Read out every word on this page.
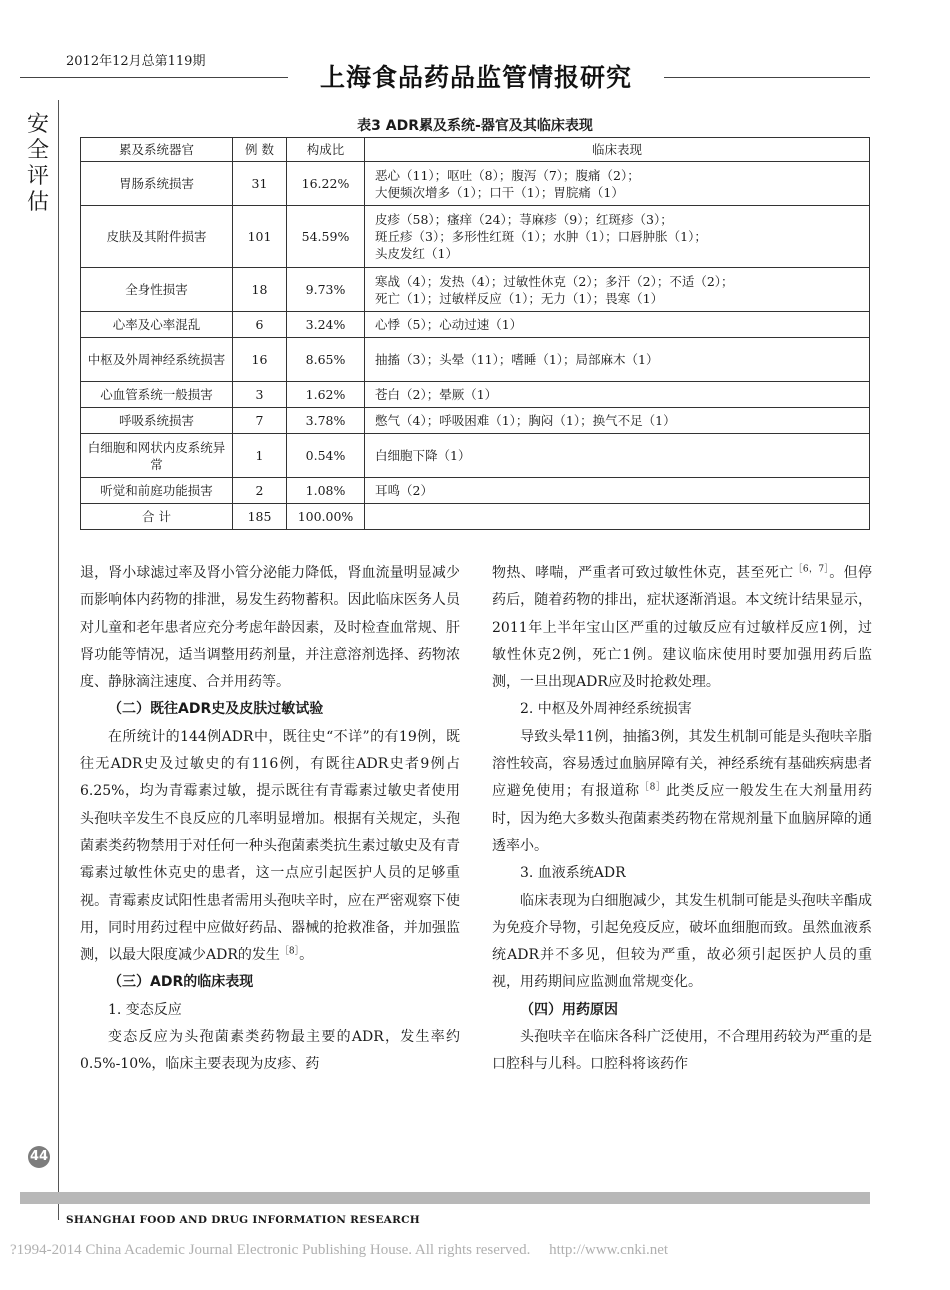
2012年12月总第119期
上海食品药品监管情报研究
安
全
评
估
表3 ADR累及系统-器官及其临床表现
累及系统器官	例 数	构成比	临床表现
胃肠系统损害	31	16.22%	恶心（11）；呕吐（8）；腹泻（7）；腹痛（2）；
大便频次增多（1）；口干（1）；胃脘痛（1）

皮肤及其附件损害	101	54.59%	皮疹（58）；瘙痒（24）；荨麻疹（9）；红斑疹（3）；
斑丘疹（3）；多形性红斑（1）；水肿（1）；口唇肿胀（1）；
头皮发红（1）

全身性损害	18	9.73%	寒战（4）；发热（4）；过敏性休克（2）；多汗（2）；不适（2）；
死亡（1）；过敏样反应（1）；无力（1）；畏寒（1）

心率及心率混乱	6	3.24%	心悸（5）；心动过速（1）

中枢及外周神经系统损害	16	8.65%	抽搐（3）；头晕（11）；嗜睡（1）；局部麻木（1）

心血管系统一般损害	3	1.62%	苍白（2）；晕厥（1）

呼吸系统损害	7	3.78%	憋气（4）；呼吸困难（1）；胸闷（1）；换气不足（1）

白细胞和网状内皮系统异常	1	0.54%	白细胞下降（1）

听觉和前庭功能损害	2	1.08%	耳鸣（2）

合 计	185	100.00%	

退，肾小球滤过率及肾小管分泌能力降低，肾血流量明显减少而影响体内药物的排泄，易发生药物蓄积。因此临床医务人员对儿童和老年患者应充分考虑年龄因素，及时检查血常规、肝肾功能等情况，适当调整用药剂量，并注意溶剂选择、药物浓度、静脉滴注速度、合并用药等。

（二）既往ADR史及皮肤过敏试验

在所统计的144例ADR中，既往史“不详”的有19例，既往无ADR史及过敏史的有116例，有既往ADR史者9例占6.25%，均为青霉素过敏，提示既往有青霉素过敏史者使用头孢呋辛发生不良反应的几率明显增加。根据有关规定，头孢菌素类药物禁用于对任何一种头孢菌素类抗生素过敏史及有青霉素过敏性休克史的患者，这一点应引起医护人员的足够重视。青霉素皮试阳性患者需用头孢呋辛时，应在严密观察下使用，同时用药过程中应做好药品、器械的抢救准备，并加强监测，以最大限度减少ADR的发生$^{[8]}$。

（三）ADR的临床表现
1. 变态反应

变态反应为头孢菌素类药物最主要的ADR，发生率约0.5%-10%，临床主要表现为皮疹、药

物热、哮喘，严重者可致过敏性休克，甚至死亡$^{[6,7]}$。但停药后，随着药物的排出，症状逐渐消退。本文统计结果显示，2011年上半年宝山区严重的过敏反应有过敏样反应1例，过敏性休克2例，死亡1例。建议临床使用时要加强用药后监测，一旦出现ADR应及时抢救处理。

2. 中枢及外周神经系统损害

导致头晕11例，抽搐3例，其发生机制可能是头孢呋辛脂溶性较高，容易透过血脑屏障有关，神经系统有基础疾病患者应避免使用；有报道称$^{[8]}$此类反应一般发生在大剂量用药时，因为绝大多数头孢菌素类药物在常规剂量下血脑屏障的通透率小。

3. 血液系统ADR

临床表现为白细胞减少，其发生机制可能是头孢呋辛酯成为免疫介导物，引起免疫反应，破坏血细胞而致。虽然血液系统ADR并不多见，但较为严重，故必须引起医护人员的重视，用药期间应监测血常规变化。

（四）用药原因

头孢呋辛在临床各科广泛使用，不合理用药较为严重的是口腔科与儿科。口腔科将该药作

44
SHANGHAI FOOD AND DRUG INFORMATION RESEARCH
?1994-2014 China Academic Journal Electronic Publishing House. All rights reserved.     http://www.cnki.net
